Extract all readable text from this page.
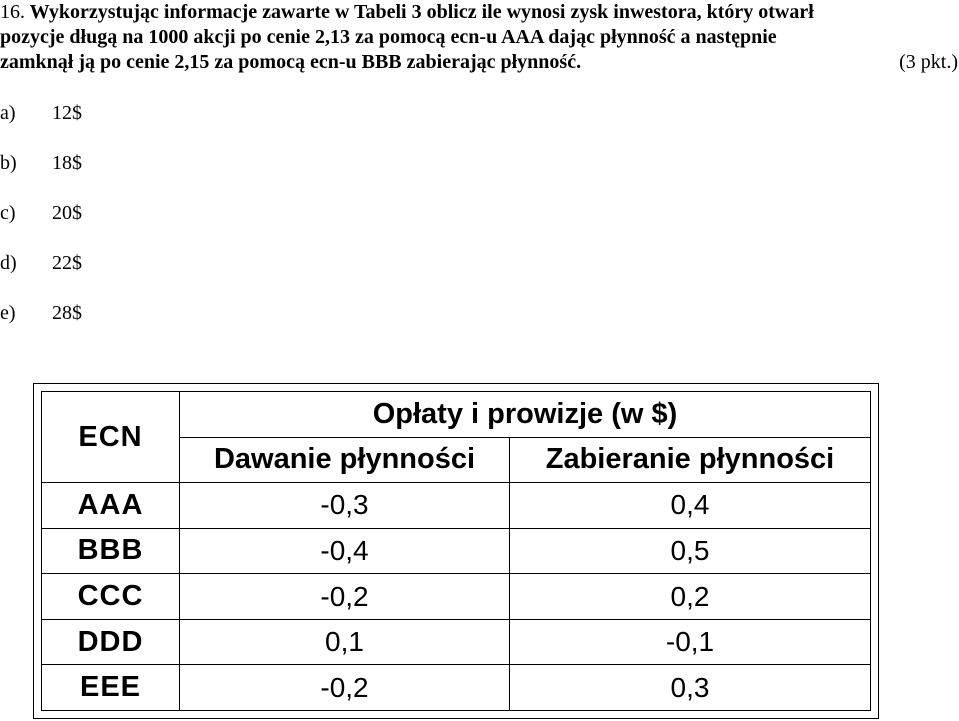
16. Wykorzystując informacje zawarte w Tabeli 3 oblicz ile wynosi zysk inwestora, który otwarł
pozycje długą na 1000 akcji po cenie 2,13 za pomocą ecn-u AAA dając płynność a następnie
zamknął ją po cenie 2,15 za pomocą ecn-u BBB zabierając płynność.	(3 pkt.)
a) 12$
b) 18$
c) 20$
d) 22$
e) 28$
ECN	Opłaty i prowizje (w $)	
	Dawanie płynności	Zabieranie płynności
AAA	-0,3	0,4
BBB	-0,4	0,5
CCC	-0,2	0,2
DDD	0,1	-0,1
EEE	-0,2	0,3
